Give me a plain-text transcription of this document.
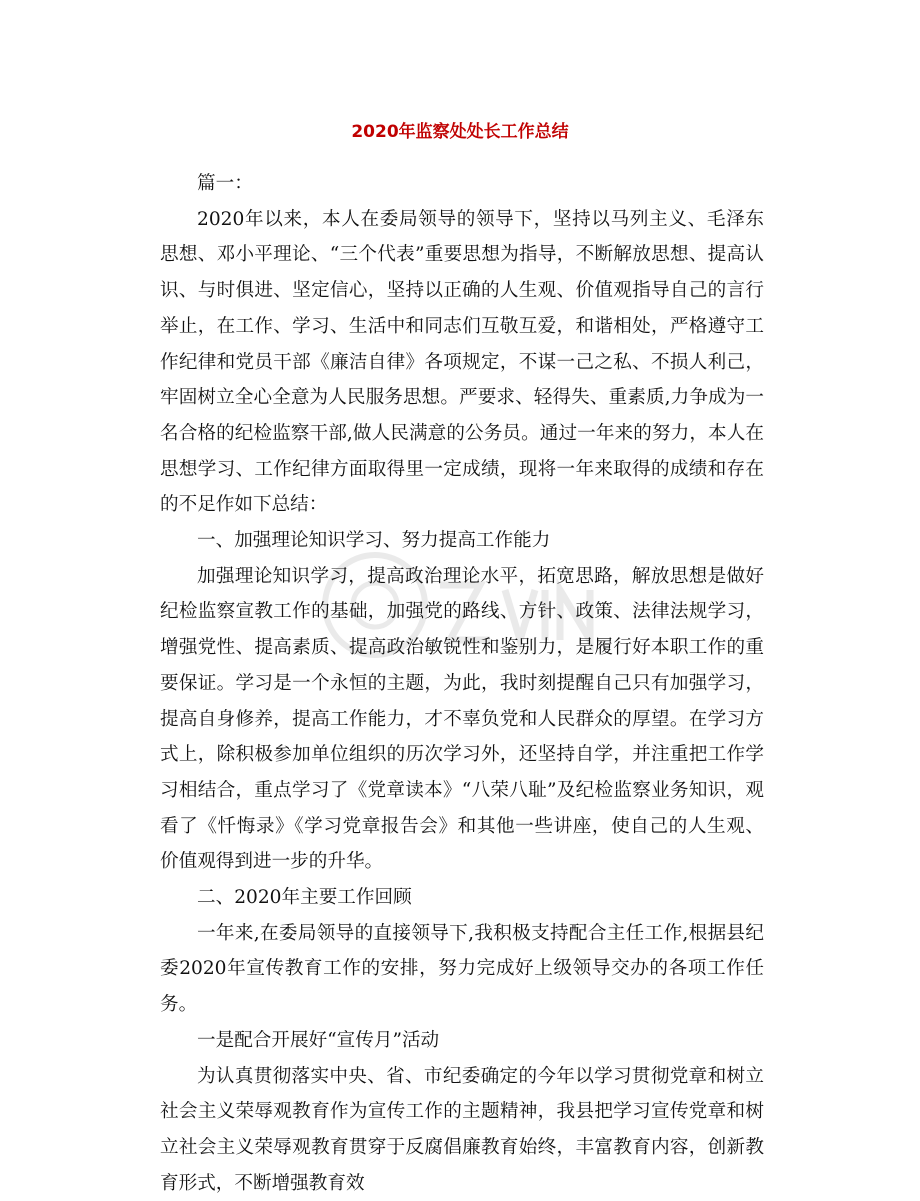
2020年监察处处长工作总结

篇一：

2020年以来，本人在委局领导的领导下，坚持以马列主义、毛泽东思想、邓小平理论、“三个代表”重要思想为指导，不断解放思想、提高认识、与时俱进、坚定信心，坚持以正确的人生观、价值观指导自己的言行举止，在工作、学习、生活中和同志们互敬互爱，和谐相处，严格遵守工作纪律和党员干部《廉洁自律》各项规定，不谋一己之私、不损人利己，牢固树立全心全意为人民服务思想。严要求、轻得失、重素质,力争成为一名合格的纪检监察干部,做人民满意的公务员。通过一年来的努力，本人在思想学习、工作纪律方面取得里一定成绩，现将一年来取得的成绩和存在的不足作如下总结：

一、加强理论知识学习、努力提高工作能力

加强理论知识学习，提高政治理论水平，拓宽思路，解放思想是做好纪检监察宣教工作的基础，加强党的路线、方针、政策、法律法规学习，增强党性、提高素质、提高政治敏锐性和鉴别力，是履行好本职工作的重要保证。学习是一个永恒的主题，为此，我时刻提醒自己只有加强学习，提高自身修养，提高工作能力，才不辜负党和人民群众的厚望。在学习方式上，除积极参加单位组织的历次学习外，还坚持自学，并注重把工作学习相结合，重点学习了《党章读本》“八荣八耻”及纪检监察业务知识，观看了《忏悔录》《学习党章报告会》和其他一些讲座，使自己的人生观、价值观得到进一步的升华。

二、2020年主要工作回顾

一年来,在委局领导的直接领导下,我积极支持配合主任工作,根据县纪委2020年宣传教育工作的安排，努力完成好上级领导交办的各项工作任务。

一是配合开展好“宣传月”活动

为认真贯彻落实中央、省、市纪委确定的今年以学习贯彻党章和树立社会主义荣辱观教育作为宣传工作的主题精神，我县把学习宣传党章和树立社会主义荣辱观教育贯穿于反腐倡廉教育始终，丰富教育内容，创新教育形式，不断增强教育效
